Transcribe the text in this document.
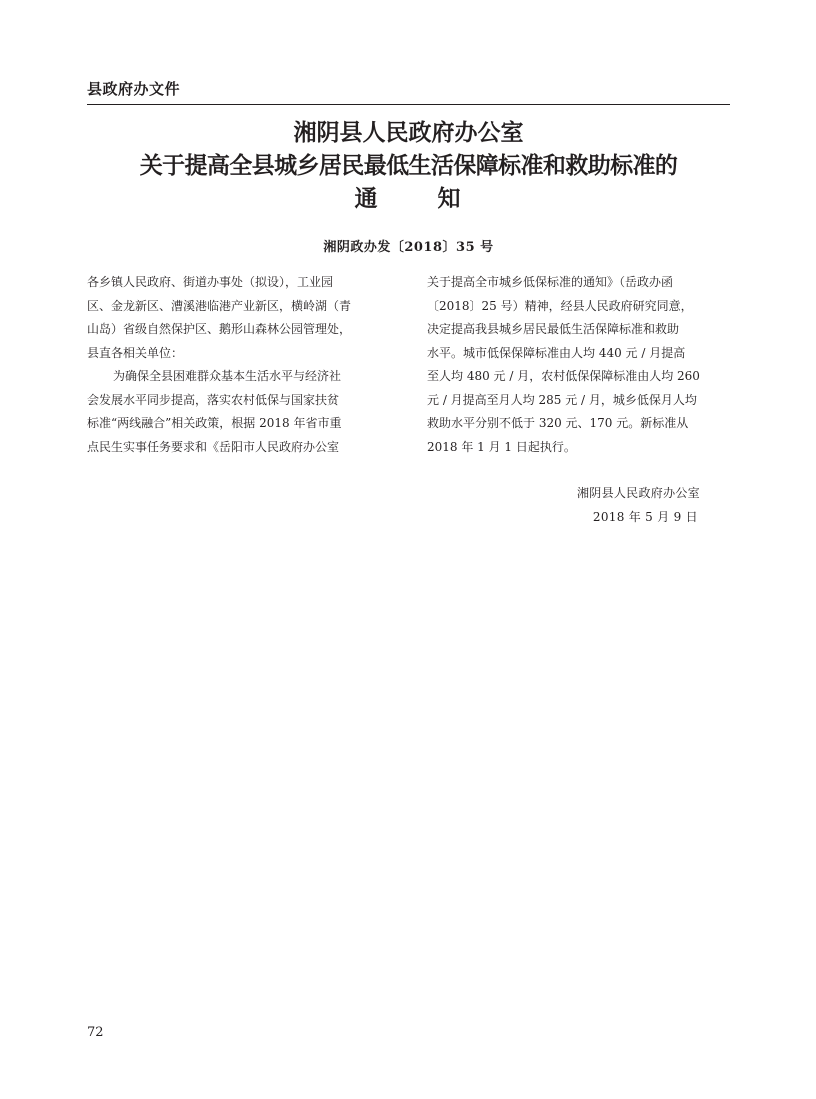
县政府办文件
湘阴县人民政府办公室
关于提高全县城乡居民最低生活保障标准和救助标准的
通	知
湘阴政办发〔2018〕35 号
各乡镇人民政府、街道办事处（拟设），工业园
区、金龙新区、漕溪港临港产业新区，横岭湖（青
山岛）省级自然保护区、鹅形山森林公园管理处，
县直各相关单位：
为确保全县困难群众基本生活水平与经济社
会发展水平同步提高，落实农村低保与国家扶贫
标准“两线融合”相关政策，根据 2018 年省市重
点民生实事任务要求和《岳阳市人民政府办公室
关于提高全市城乡低保标准的通知》（岳政办函
〔2018〕25 号）精神，经县人民政府研究同意，
决定提高我县城乡居民最低生活保障标准和救助
水平。城市低保保障标准由人均 440 元 / 月提高
至人均 480 元 / 月，农村低保保障标准由人均 260
元 / 月提高至月人均 285 元 / 月，城乡低保月人均
救助水平分别不低于 320 元、170 元。新标准从
2018 年 1 月 1 日起执行。
湘阴县人民政府办公室
2018 年 5 月 9 日
72
